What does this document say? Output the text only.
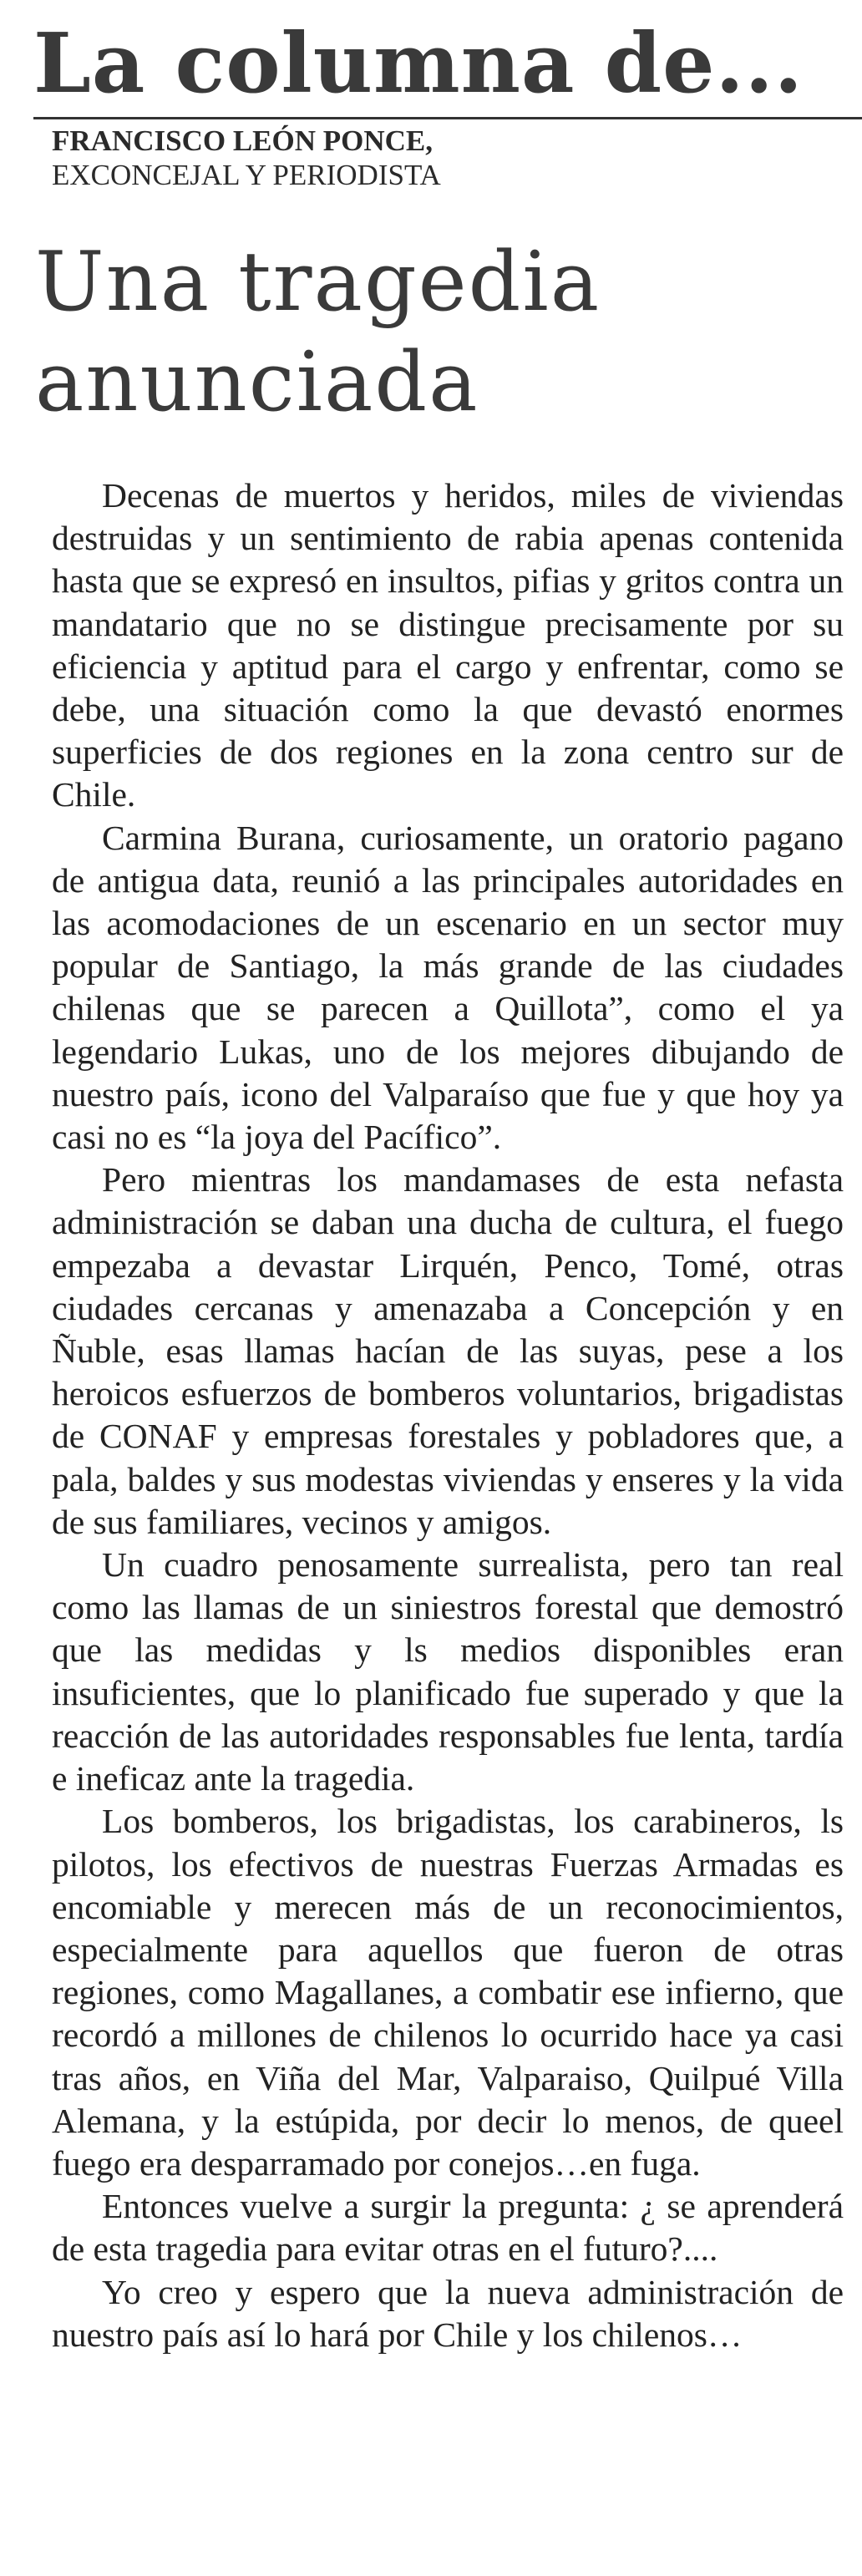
La columna de...
FRANCISCO LEÓN PONCE,
EXCONCEJAL Y PERIODISTA
Una tragedia anunciada

Decenas de muertos y heridos, miles de viviendas destruidas y un sentimiento de rabia apenas contenida hasta que se expresó en insultos, pifias y gritos contra un mandatario que no se distingue precisamente por su eficiencia y aptitud para el cargo y enfrentar, como se debe, una situación como la que devastó enormes superficies de dos regiones en la zona centro sur de Chile.

Carmina Burana, curiosamente, un oratorio pagano de antigua data, reunió a las principales autoridades en las acomodaciones de un escenario en un sector muy popular de Santiago, la más grande de las ciudades chilenas que se parecen a Quillota”, como el ya legendario Lukas, uno de los mejores dibujando de nuestro país, icono del Valparaíso que fue y que hoy ya casi no es “la joya del Pacífico”.

Pero mientras los mandamases de esta nefasta administración se daban una ducha de cultura, el fuego empezaba a devastar Lirquén, Penco, Tomé, otras ciudades cercanas y amenazaba a Concepción y en Ñuble, esas llamas hacían de las suyas, pese a los heroicos esfuerzos de bomberos voluntarios, brigadistas de CONAF y empresas forestales y pobladores que, a pala, baldes y sus modestas viviendas y enseres y la vida de sus familiares, vecinos y amigos.

Un cuadro penosamente surrealista, pero tan real como las llamas de un siniestros forestal que demostró que las medidas y ls medios disponibles eran insuficientes, que lo planificado fue superado y que la reacción de las autoridades responsables fue lenta, tardía e ineficaz ante la tragedia.

Los bomberos, los brigadistas, los carabineros, ls pilotos, los efectivos de nuestras Fuerzas Armadas es encomiable y merecen más de un reconocimientos, especialmente para aquellos que fueron de otras regiones, como Magallanes, a combatir ese infierno, que recordó a millones de chilenos lo ocurrido hace ya casi tras años, en Viña del Mar, Valparaiso, Quilpué Villa Alemana, y la estúpida, por decir lo menos, de queel fuego era desparramado por conejos…en fuga.

Entonces vuelve a surgir la pregunta: ¿ se aprenderá de esta tragedia para evitar otras en el futuro?....

Yo creo y espero que la nueva administración de nuestro país así lo hará por Chile y los chilenos…
